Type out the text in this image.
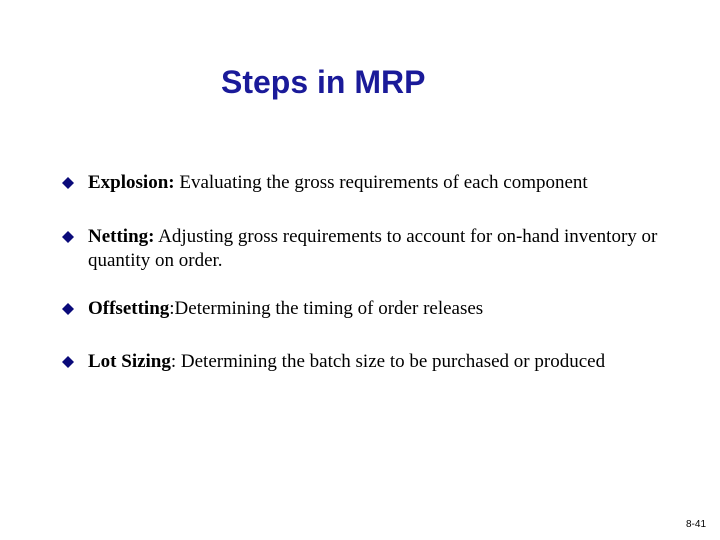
Steps in MRP
Explosion: Evaluating the gross requirements of each component
Netting: Adjusting gross requirements to account for on-hand inventory or quantity on order.
Offsetting:Determining the timing of order releases
Lot Sizing: Determining the batch size to be purchased or produced
8-41
